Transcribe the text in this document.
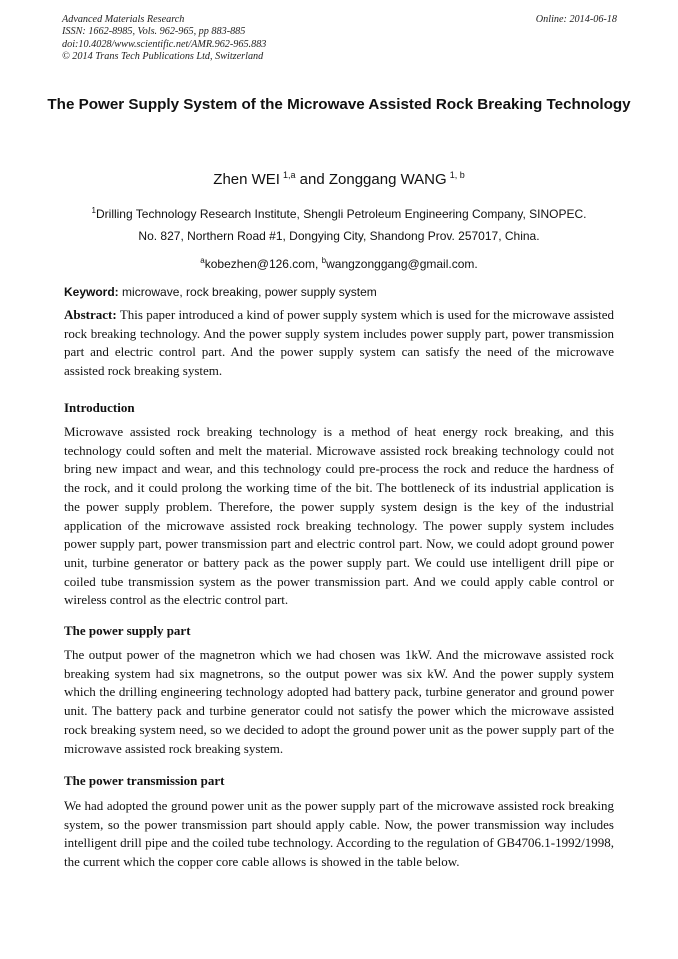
Advanced Materials Research
ISSN: 1662-8985, Vols. 962-965, pp 883-885
doi:10.4028/www.scientific.net/AMR.962-965.883
© 2014 Trans Tech Publications Ltd, Switzerland
Online: 2014-06-18
The Power Supply System of the Microwave Assisted Rock Breaking Technology
Zhen WEI $^{1,a}$ and Zonggang WANG $^{1, b}$
$^1$Drilling Technology Research Institute, Shengli Petroleum Engineering Company, SINOPEC.
No. 827, Northern Road #1, Dongying City, Shandong Prov. 257017, China.
$^a$kobezhen@126.com, $^b$wangzonggang@gmail.com.
Keyword: microwave, rock breaking, power supply system

Abstract: This paper introduced a kind of power supply system which is used for the microwave assisted rock breaking technology. And the power supply system includes power supply part, power transmission part and electric control part. And the power supply system can satisfy the need of the microwave assisted rock breaking system.

Introduction

Microwave assisted rock breaking technology is a method of heat energy rock breaking, and this technology could soften and melt the material. Microwave assisted rock breaking technology could not bring new impact and wear, and this technology could pre-process the rock and reduce the hardness of the rock, and it could prolong the working time of the bit. The bottleneck of its industrial application is the power supply problem. Therefore, the power supply system design is the key of the industrial application of the microwave assisted rock breaking technology. The power supply system includes power supply part, power transmission part and electric control part. Now, we could adopt ground power unit, turbine generator or battery pack as the power supply part. We could use intelligent drill pipe or coiled tube transmission system as the power transmission part. And we could apply cable control or wireless control as the electric control part.

The power supply part

The output power of the magnetron which we had chosen was 1kW. And the microwave assisted rock breaking system had six magnetrons, so the output power was six kW. And the power supply system which the drilling engineering technology adopted had battery pack, turbine generator and ground power unit. The battery pack and turbine generator could not satisfy the power which the microwave assisted rock breaking system need, so we decided to adopt the ground power unit as the power supply part of the microwave assisted rock breaking system.

The power transmission part

We had adopted the ground power unit as the power supply part of the microwave assisted rock breaking system, so the power transmission part should apply cable. Now, the power transmission way includes intelligent drill pipe and the coiled tube technology. According to the regulation of GB4706.1-1992/1998, the current which the copper core cable allows is showed in the table below.
